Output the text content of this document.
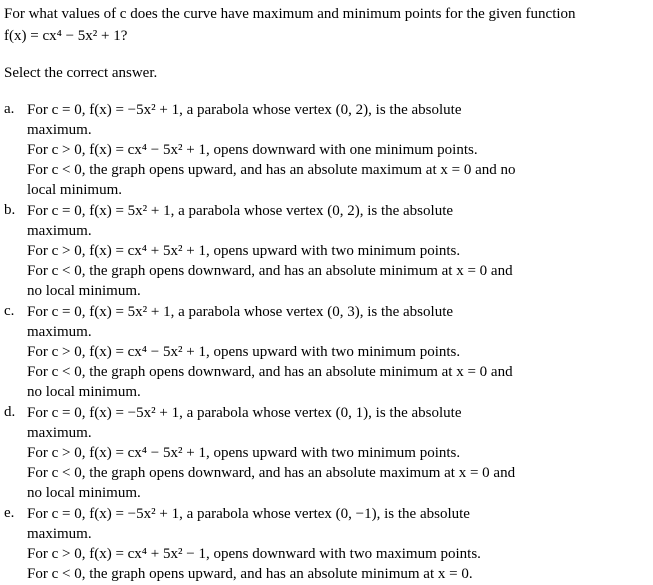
For what values of c does the curve have maximum and minimum points for the given function
f(x) = cx⁴ − 5x² + 1?
Select the correct answer.
a. For c = 0, f(x) = −5x² + 1, a parabola whose vertex (0, 2), is the absolute
maximum.
For c > 0, f(x) = cx⁴ − 5x² + 1, opens downward with one minimum points.
For c < 0, the graph opens upward, and has an absolute maximum at x = 0 and no
local minimum.
b. For c = 0, f(x) = 5x² + 1, a parabola whose vertex (0, 2), is the absolute
maximum.
For c > 0, f(x) = cx⁴ + 5x² + 1, opens upward with two minimum points.
For c < 0, the graph opens downward, and has an absolute minimum at x = 0 and
no local minimum.
c. For c = 0, f(x) = 5x² + 1, a parabola whose vertex (0, 3), is the absolute
maximum.
For c > 0, f(x) = cx⁴ − 5x² + 1, opens upward with two minimum points.
For c < 0, the graph opens downward, and has an absolute minimum at x = 0 and
no local minimum.
d. For c = 0, f(x) = −5x² + 1, a parabola whose vertex (0, 1), is the absolute
maximum.
For c > 0, f(x) = cx⁴ − 5x² + 1, opens upward with two minimum points.
For c < 0, the graph opens downward, and has an absolute maximum at x = 0 and
no local minimum.
e. For c = 0, f(x) = −5x² + 1, a parabola whose vertex (0, −1), is the absolute
maximum.
For c > 0, f(x) = cx⁴ + 5x² − 1, opens downward with two maximum points.
For c < 0, the graph opens upward, and has an absolute minimum at x = 0.
